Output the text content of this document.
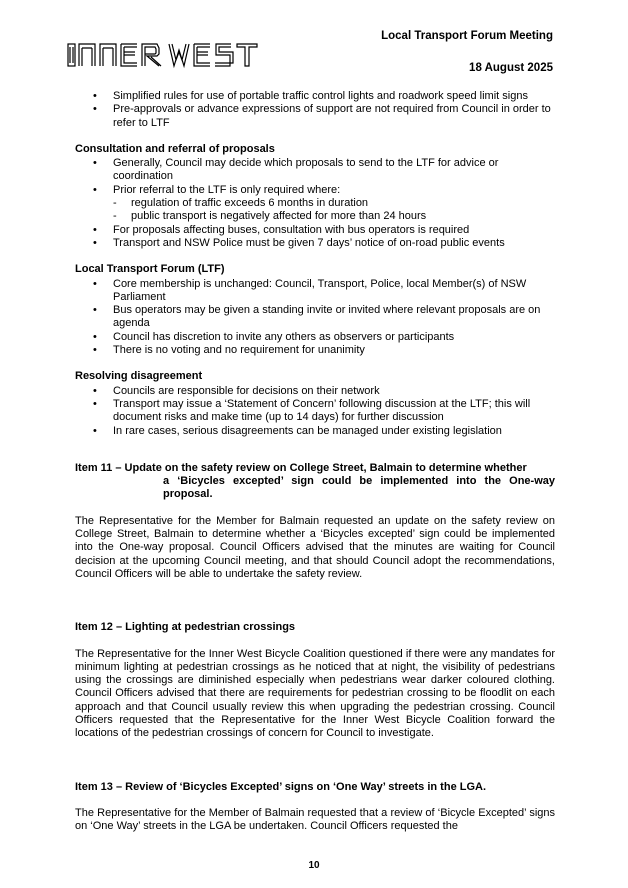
Local Transport Forum Meeting
18 August 2025
• Simplified rules for use of portable traffic control lights and roadwork speed limit signs
• Pre-approvals or advance expressions of support are not required from Council in order to refer to LTF
Consultation and referral of proposals
• Generally, Council may decide which proposals to send to the LTF for advice or coordination
• Prior referral to the LTF is only required where:
- regulation of traffic exceeds 6 months in duration
- public transport is negatively affected for more than 24 hours
• For proposals affecting buses, consultation with bus operators is required
• Transport and NSW Police must be given 7 days’ notice of on-road public events
Local Transport Forum (LTF)
• Core membership is unchanged: Council, Transport, Police, local Member(s) of NSW Parliament
• Bus operators may be given a standing invite or invited where relevant proposals are on agenda
• Council has discretion to invite any others as observers or participants
• There is no voting and no requirement for unanimity
Resolving disagreement
• Councils are responsible for decisions on their network
• Transport may issue a ‘Statement of Concern’ following discussion at the LTF; this will document risks and make time (up to 14 days) for further discussion
• In rare cases, serious disagreements can be managed under existing legislation
Item 11 – Update on the safety review on College Street, Balmain to determine whether
a ‘Bicycles excepted’ sign could be implemented into the One-way proposal.
The Representative for the Member for Balmain requested an update on the safety review on College Street, Balmain to determine whether a ‘Bicycles excepted’ sign could be implemented into the One-way proposal. Council Officers advised that the minutes are waiting for Council decision at the upcoming Council meeting, and that should Council adopt the recommendations, Council Officers will be able to undertake the safety review.
Item 12 – Lighting at pedestrian crossings
The Representative for the Inner West Bicycle Coalition questioned if there were any mandates for minimum lighting at pedestrian crossings as he noticed that at night, the visibility of pedestrians using the crossings are diminished especially when pedestrians wear darker coloured clothing. Council Officers advised that there are requirements for pedestrian crossing to be floodlit on each approach and that Council usually review this when upgrading the pedestrian crossing. Council Officers requested that the Representative for the Inner West Bicycle Coalition forward the locations of the pedestrian crossings of concern for Council to investigate.
Item 13 – Review of ‘Bicycles Excepted’ signs on ‘One Way’ streets in the LGA.
The Representative for the Member of Balmain requested that a review of ‘Bicycle Excepted’ signs on ‘One Way’ streets in the LGA be undertaken. Council Officers requested the
10
